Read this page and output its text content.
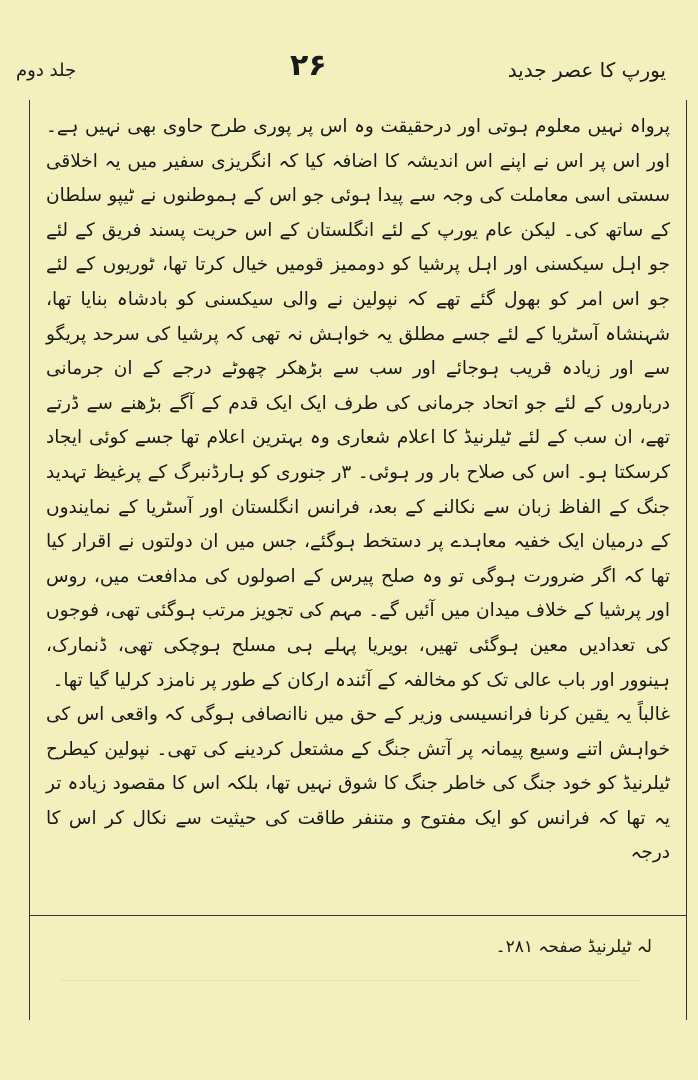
یورپ کا عصر جدید
۲۶
جلد دوم

پرواہ نہیں معلوم ہوتی اور درحقیقت وہ اس پر پوری طرح حاوی بھی نہیں ہے۔ اور اس پر اس نے اپنے اس اندیشہ کا اضافہ کیا کہ انگریزی سفیر میں یہ اخلاقی سستی اسی معاملت کی وجہ سے پیدا ہوئی جو اس کے ہموطنوں نے ٹیپو سلطان کے ساتھ کی۔ لیکن عام یورپ کے لئے انگلستان کے اس حریت پسند فریق کے لئے جو اہل سیکسنی اور اہل پرشیا کو دوممیز قومیں خیال کرتا تھا، ٹوریوں کے لئے جو اس امر کو بھول گئے تھے کہ نپولین نے والی سیکسنی کو بادشاہ بنایا تھا، شہنشاہ آسٹریا کے لئے جسے مطلق یہ خواہش نہ تھی کہ پرشیا کی سرحد پریگو سے اور زیادہ قریب ہوجائے اور سب سے بڑھکر چھوٹے درجے کے ان جرمانی درباروں کے لئے جو اتحاد جرمانی کی طرف ایک ایک قدم کے آگے بڑھنے سے ڈرتے تھے، ان سب کے لئے ٹیلرنیڈ کا اعلام شعاری وہ بہترین اعلام تھا جسے کوئی ایجاد کرسکتا ہو۔ اس کی صلاح بار ور ہوئی۔ ۳ر جنوری کو ہارڈنبرگ کے پرغیظ تہدید جنگ کے الفاظ زبان سے نکالنے کے بعد، فرانس انگلستان اور آسٹریا کے نمایندوں کے درمیان ایک خفیہ معاہدے پر دستخط ہوگئے، جس میں ان دولتوں نے اقرار کیا تھا کہ اگر ضرورت ہوگی تو وہ صلح پیرس کے اصولوں کی مدافعت میں، روس اور پرشیا کے خلاف میدان میں آئیں گے۔ مہم کی تجویز مرتب ہوگئی تھی، فوجوں کی تعدادیں معین ہوگئی تھیں، بویریا پہلے ہی مسلح ہوچکی تھی، ڈنمارک، ہینوور اور باب عالی تک کو مخالفہ کے آئندہ ارکان کے طور پر نامزد کرلیا گیا تھا۔

غالباً یہ یقین کرنا فرانسیسی وزیر کے حق میں ناانصافی ہوگی کہ واقعی اس کی خواہش اتنے وسیع پیمانہ پر آتش جنگ کے مشتعل کردینے کی تھی۔ نپولین کیطرح ٹیلرنیڈ کو خود جنگ کی خاطر جنگ کا شوق نہیں تھا، بلکہ اس کا مقصود زیادہ تر یہ تھا کہ فرانس کو ایک مفتوح و متنفر طاقت کی حیثیت سے نکال کر اس کا درجہ

لہ ٹیلرنیڈ صفحہ ۲۸۱۔
